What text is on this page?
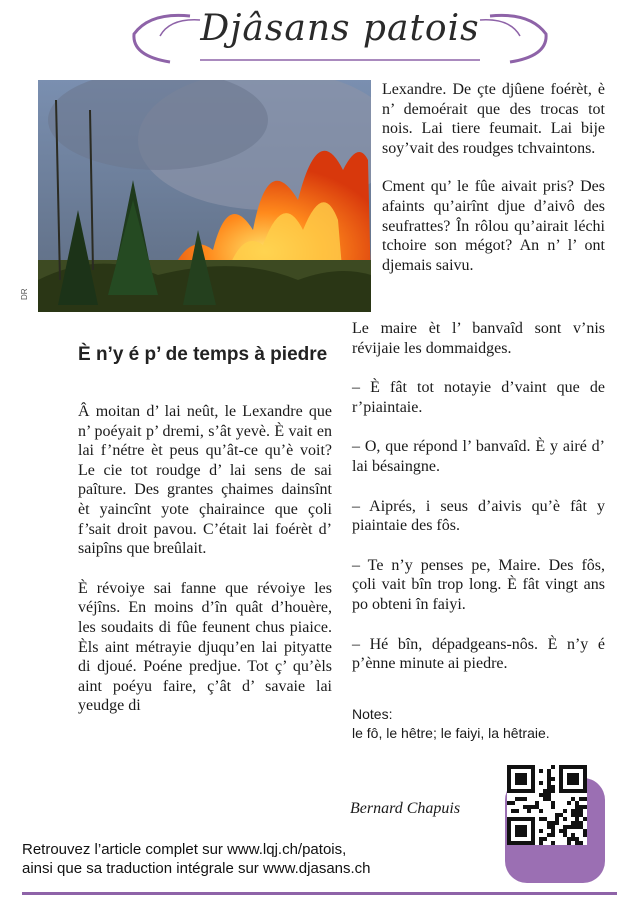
Djâsans patois
DR

Lexandre. De çte djûene foérèt, è n’ demoérait que des trocas tot nois. Lai tiere feumait. Lai bije soy’vait des roudges tchvaintons.

Cment qu’ le fûe aivait pris? Des afaints qu’airînt djue d’aivô des seufrattes? În rôlou qu’airait léchi tchoire son mégot? An n’ l’ ont djemais saivu.

È n’y é p’ de temps à piedre

Â moitan d’ lai neût, le Lexandre que n’ poéyait p’ dremi, s’ât yevè. È vait en lai f’nétre èt peus qu’ât-ce qu’è voit? Le cie tot roudge d’ lai sens de sai paîture. Des grantes çhaimes dainsînt èt yaincînt yote çhairaince que çoli f’sait droit pavou. C’était lai foérèt d’ saipîns que breûlait.

È révoiye sai fanne que révoiye les véjîns. En moins d’în quât d’houère, les soudaits di fûe feunent chus piaice. Èls aint métrayie djuqu’en lai pityatte di djoué. Poéne predjue. Tot ç’ qu’èls aint poéyu faire, ç’ât d’ savaie lai yeudge di

Le maire èt l’ banvaîd sont v’nis révijaie les dommaidges.

– È fât tot notayie d’vaint que de r’piaintaie.

– O, que répond l’ banvaîd. È y airé d’ lai bésaingne.

– Aiprés, i seus d’aivis qu’è fât y piaintaie des fôs.

– Te n’y penses pe, Maire. Des fôs, çoli vait bîn trop long. È fât vingt ans po obteni în faiyi.

– Hé bîn, dépadgeans-nôs. È n’y é p’ènne minute ai piedre.

Notes:
le fô, le hêtre; le faiyi, la hêtraie.
Bernard Chapuis
Retrouvez l’article complet sur www.lqj.ch/patois,
ainsi que sa traduction intégrale sur www.djasans.ch
